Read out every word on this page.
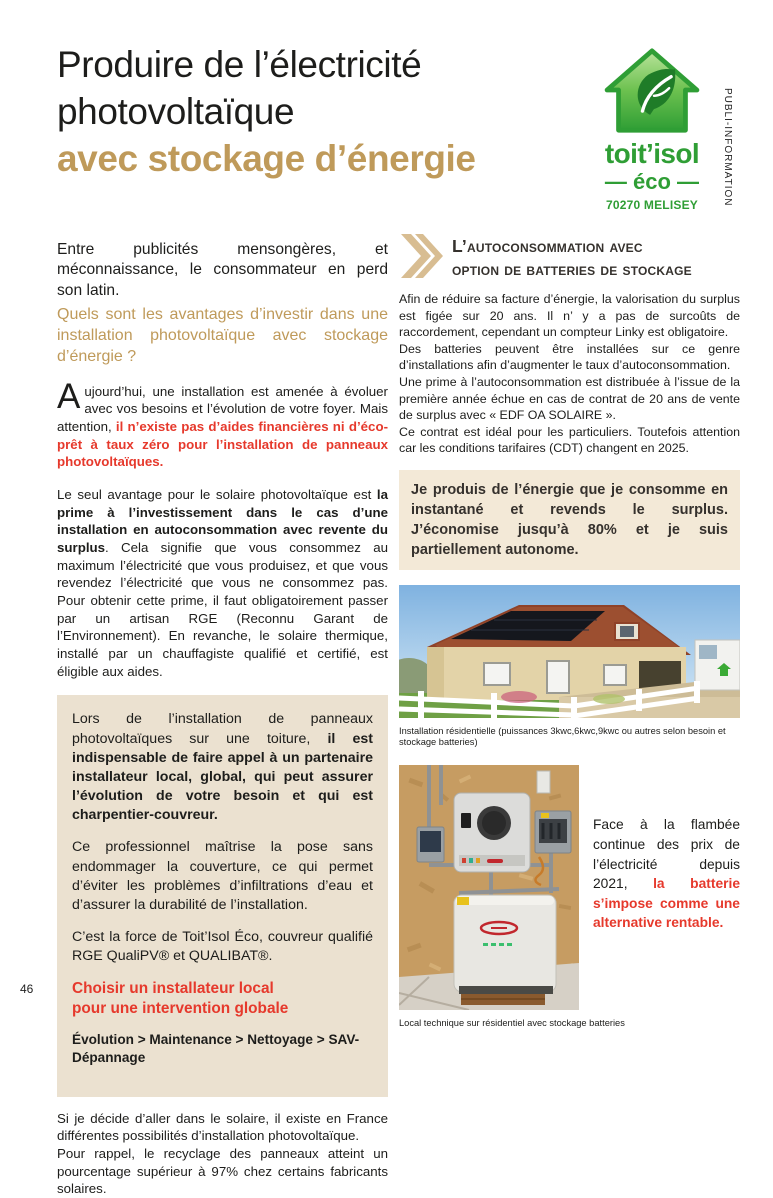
Produire de l’électricité
photovoltaïque
avec stockage d’énergie	toit’isol
— éco —
70270 MELISEY	PUBLI-INFORMATION

Entre publicités mensongères, et méconnaissance, le consommateur en perd son latin.

Quels sont les avantages d’investir dans une installation photovoltaïque avec stockage d’énergie ?

Aujourd’hui, une installation est amenée à évoluer avec vos besoins et l’évolution de votre foyer. Mais attention, il n’existe pas d’aides financières ni d’éco-prêt à taux zéro pour l’installation de panneaux photovoltaïques.

Le seul avantage pour le solaire photovoltaïque est la prime à l’investissement dans le cas d’une installation en autoconsommation avec revente du surplus. Cela signifie que vous consommez au maximum l’électricité que vous produisez, et que vous revendez l’électricité que vous ne consommez pas. Pour obtenir cette prime, il faut obligatoirement passer par un artisan RGE (Reconnu Garant de l’Environnement). En revanche, le solaire thermique, installé par un chauffagiste qualifié et certifié, est éligible aux aides.

Lors de l’installation de panneaux photovoltaïques sur une toiture, il est indispensable de faire appel à un partenaire installateur local, global, qui peut assurer l’évolution de votre besoin et qui est charpentier-couvreur.

Ce professionnel maîtrise la pose sans endommager la couverture, ce qui permet d’éviter les problèmes d’infiltrations d’eau et d’assurer la durabilité de l’installation.

C’est la force de Toit’Isol Éco, couvreur qualifié RGE QualiPV® et QUALIBAT®.

Choisir un installateur local
pour une intervention globale

Évolution > Maintenance > Nettoyage > SAV- Dépannage

Si je décide d’aller dans le solaire, il existe en France différentes possibilités d’installation photovoltaïque.

Pour rappel, le recyclage des panneaux atteint un pourcentage supérieur à 97% chez certains fabricants solaires.

L’autoconsommation avec
option de batteries de stockage

Afin de réduire sa facture d’énergie, la valorisation du surplus est figée sur 20 ans. Il n’ y a pas de surcoûts de raccordement, cependant un compteur Linky est obligatoire.

Des batteries peuvent être installées sur ce genre d’installations afin d’augmenter le taux d’autoconsommation.

Une prime à l’autoconsommation est distribuée à l’issue de la première année échue en cas de contrat de 20 ans de vente de surplus avec « EDF OA SOLAIRE ».

Ce contrat est idéal pour les particuliers. Toutefois attention car les conditions tarifaires (CDT) changent en 2025.

Je produis de l’énergie que je consomme en instantané et revends le surplus. J’économise jusqu’à 80% et je suis partiellement autonome.
Installation résidentielle (puissances 3kwc,6kwc,9kwc ou autres selon besoin et stockage batteries)

Face à la flambée continue des prix de l’électricité depuis 2021, la batterie s’impose comme une alternative rentable.

Local technique sur résidentiel avec stockage batteries
46
